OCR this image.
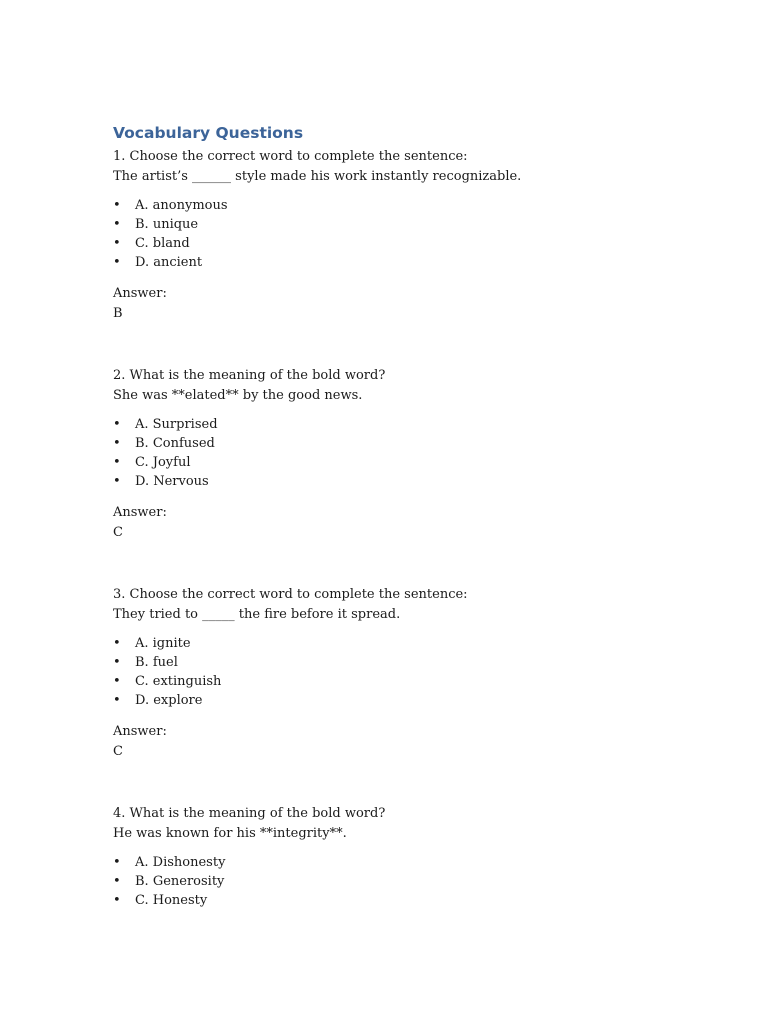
Vocabulary Questions

1. Choose the correct word to complete the sentence:

The artist’s ______ style made his work instantly recognizable.

• A. anonymous
• B. unique
• C. bland
• D. ancient

Answer:

B

2. What is the meaning of the bold word?

She was **elated** by the good news.

• A. Surprised
• B. Confused
• C. Joyful
• D. Nervous

Answer:

C

3. Choose the correct word to complete the sentence:

They tried to _____ the fire before it spread.

• A. ignite
• B. fuel
• C. extinguish
• D. explore

Answer:

C

4. What is the meaning of the bold word?

He was known for his **integrity**.

• A. Dishonesty
• B. Generosity
• C. Honesty
